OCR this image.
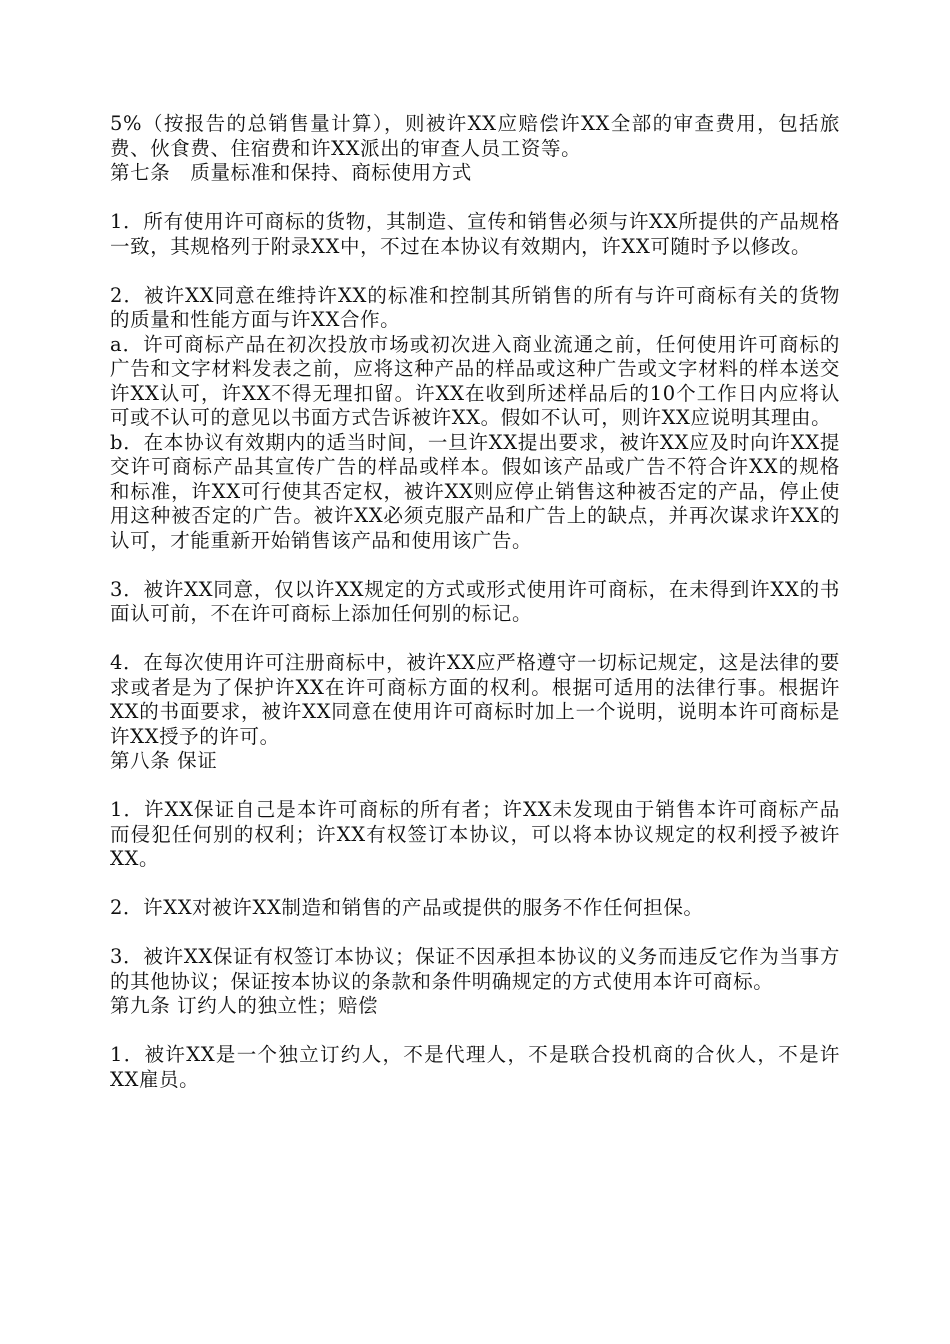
5%（按报告的总销售量计算），则被许XX应赔偿许XX全部的审查费用，包括旅费、伙食费、住宿费和许XX派出的审查人员工资等。

第七条　质量标准和保持、商标使用方式

1．所有使用许可商标的货物，其制造、宣传和销售必须与许XX所提供的产品规格一致，其规格列于附录XX中，不过在本协议有效期内，许XX可随时予以修改。

2．被许XX同意在维持许XX的标准和控制其所销售的所有与许可商标有关的货物的质量和性能方面与许XX合作。

a．许可商标产品在初次投放市场或初次进入商业流通之前，任何使用许可商标的广告和文字材料发表之前，应将这种产品的样品或这种广告或文字材料的样本送交许XX认可，许XX不得无理扣留。许XX在收到所述样品后的10个工作日内应将认可或不认可的意见以书面方式告诉被许XX。假如不认可，则许XX应说明其理由。

b．在本协议有效期内的适当时间，一旦许XX提出要求，被许XX应及时向许XX提交许可商标产品其宣传广告的样品或样本。假如该产品或广告不符合许XX的规格和标准，许XX可行使其否定权，被许XX则应停止销售这种被否定的产品，停止使用这种被否定的广告。被许XX必须克服产品和广告上的缺点，并再次谋求许XX的认可，才能重新开始销售该产品和使用该广告。

3．被许XX同意，仅以许XX规定的方式或形式使用许可商标，在未得到许XX的书面认可前，不在许可商标上添加任何别的标记。

4．在每次使用许可注册商标中，被许XX应严格遵守一切标记规定，这是法律的要求或者是为了保护许XX在许可商标方面的权利。根据可适用的法律行事。根据许XX的书面要求，被许XX同意在使用许可商标时加上一个说明，说明本许可商标是许XX授予的许可。

第八条 保证

1．许XX保证自己是本许可商标的所有者；许XX未发现由于销售本许可商标产品而侵犯任何别的权利；许XX有权签订本协议，可以将本协议规定的权利授予被许XX。

2．许XX对被许XX制造和销售的产品或提供的服务不作任何担保。

3．被许XX保证有权签订本协议；保证不因承担本协议的义务而违反它作为当事方的其他协议；保证按本协议的条款和条件明确规定的方式使用本许可商标。

第九条 订约人的独立性；赔偿

1．被许XX是一个独立订约人，不是代理人，不是联合投机商的合伙人，不是许XX雇员。
